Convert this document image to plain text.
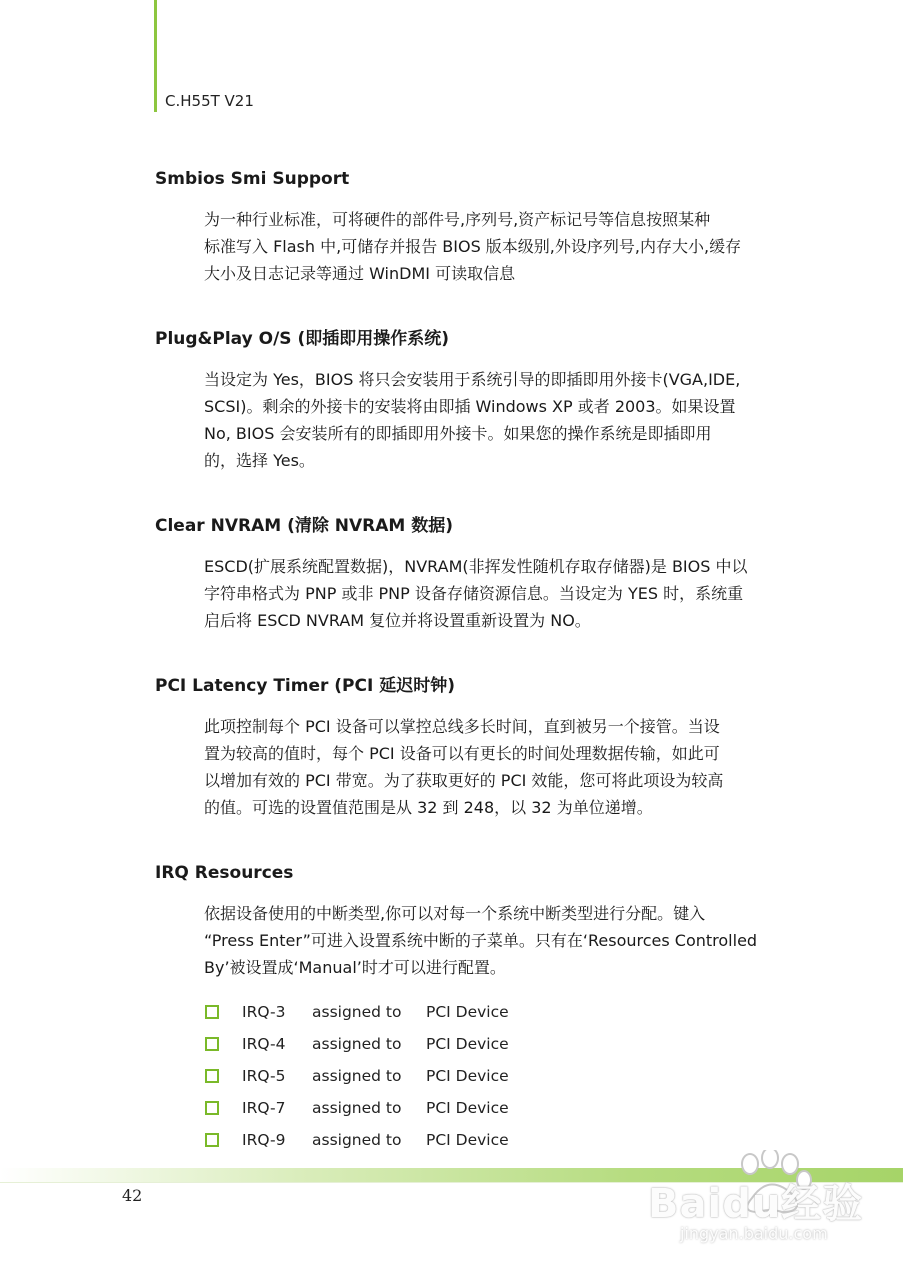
C.H55T V21
Smbios Smi Support
为一种行业标准，可将硬件的部件号,序列号,资产标记号等信息按照某种
标准写入 Flash 中,可储存并报告 BIOS 版本级别,外设序列号,内存大小,缓存
大小及日志记录等通过 WinDMI 可读取信息
Plug&Play O/S (即插即用操作系统)
当设定为 Yes，BIOS 将只会安装用于系统引导的即插即用外接卡(VGA,IDE,
SCSI)。剩余的外接卡的安装将由即插 Windows XP 或者 2003。如果设置
No, BIOS 会安装所有的即插即用外接卡。如果您的操作系统是即插即用
的，选择 Yes。
Clear NVRAM (清除 NVRAM 数据)
ESCD(扩展系统配置数据)，NVRAM(非挥发性随机存取存储器)是 BIOS 中以
字符串格式为 PNP 或非 PNP 设备存储资源信息。当设定为 YES 时，系统重
启后将 ESCD NVRAM 复位并将设置重新设置为 NO。
PCI Latency Timer (PCI 延迟时钟)
此项控制每个 PCI 设备可以掌控总线多长时间，直到被另一个接管。当设
置为较高的值时，每个 PCI 设备可以有更长的时间处理数据传输，如此可
以增加有效的 PCI 带宽。为了获取更好的 PCI 效能，您可将此项设为较高
的值。可选的设置值范围是从 32 到 248，以 32 为单位递增。
IRQ Resources
依据设备使用的中断类型,你可以对每一个系统中断类型进行分配。键入
“Press Enter”可进入设置系统中断的子菜单。只有在‘Resources Controlled
By’被设置成‘Manual’时才可以进行配置。
IRQ-3	assigned to	PCI Device
IRQ-4	assigned to	PCI Device
IRQ-5	assigned to	PCI Device
IRQ-7	assigned to	PCI Device
IRQ-9	assigned to	PCI Device
42	Baidu经验
jingyan.baidu.com
